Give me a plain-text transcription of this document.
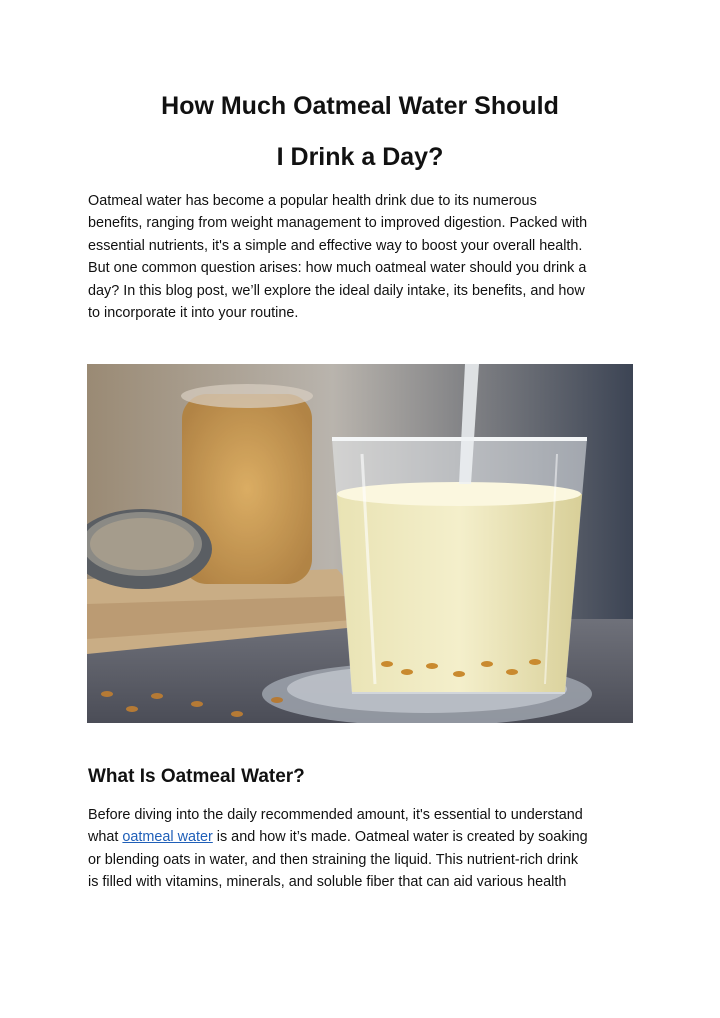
How Much Oatmeal Water Should
I Drink a Day?
Oatmeal water has become a popular health drink due to its numerous
benefits, ranging from weight management to improved digestion. Packed with
essential nutrients, it's a simple and effective way to boost your overall health.
But one common question arises: how much oatmeal water should you drink a
day? In this blog post, we’ll explore the ideal daily intake, its benefits, and how
to incorporate it into your routine.
What Is Oatmeal Water?
Before diving into the daily recommended amount, it's essential to understand
what oatmeal water is and how it’s made. Oatmeal water is created by soaking
or blending oats in water, and then straining the liquid. This nutrient-rich drink
is filled with vitamins, minerals, and soluble fiber that can aid various health
